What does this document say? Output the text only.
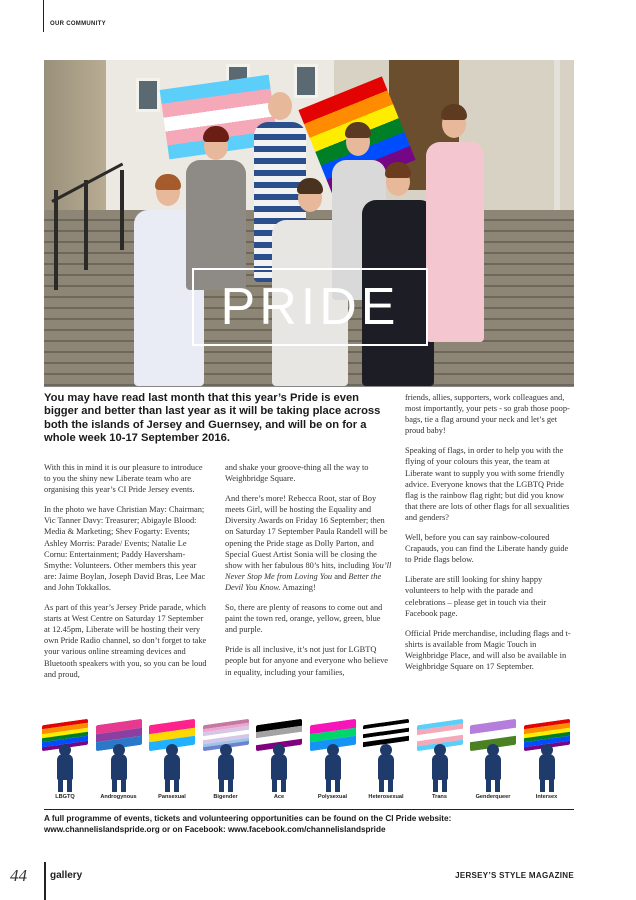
OUR COMMUNITY
PRIDE
You may have read last month that this year’s Pride is even bigger and better than last year as it will be taking place across both the islands of Jersey and Guernsey, and will be on for a whole week 10-17 September 2016.

With this in mind it is our pleasure to introduce to you the shiny new Liberate team who are organising this year’s CI Pride Jersey events.

In the photo we have Christian May: Chairman; Vic Tanner Davy: Treasurer; Abigayle Blood: Media & Marketing; Shev Fogarty: Events; Ashley Morris: Parade/ Events; Natalie Le Cornu: Entertainment; Paddy Haversham-Smythe: Volunteers. Other members this year are: Jaime Boylan, Joseph David Bras, Lee Mac and John Tokkallos.

As part of this year’s Jersey Pride parade, which starts at West Centre on Saturday 17 September at 12.45pm, Liberate will be hosting their very own Pride Radio channel, so don’t forget to take your various online streaming devices and Bluetooth speakers with you, so you can be loud and proud,

and shake your groove-thing all the way to Weighbridge Square.

And there’s more! Rebecca Root, star of Boy meets Girl, will be hosting the Equality and Diversity Awards on Friday 16 September; then on Saturday 17 September Paula Randell will be opening the Pride stage as Dolly Parton, and Special Guest Artist Sonia will be closing the show with her fabulous 80’s hits, including You’ll Never Stop Me from Loving You and Better the Devil You Know. Amazing!

So, there are plenty of reasons to come out and paint the town red, orange, yellow, green, blue and purple.

Pride is all inclusive, it’s not just for LGBTQ people but for anyone and everyone who believe in equality, including your families,

friends, allies, supporters, work colleagues and, most importantly, your pets - so grab those poop-bags, tie a flag around your neck and let’s get proud baby!

Speaking of flags, in order to help you with the flying of your colours this year, the team at Liberate want to supply you with some friendly advice. Everyone knows that the LGBTQ Pride flag is the rainbow flag right; but did you know that there are lots of other flags for all sexualities and genders?

Well, before you can say rainbow-coloured Crapauds, you can find the Liberate handy guide to Pride flags below.

Liberate are still looking for shiny happy volunteers to help with the parade and celebrations – please get in touch via their Facebook page.

Official Pride merchandise, including flags and t-shirts is available from Magic Touch in Weighbridge Place, and will also be available in Weighbridge Square on 17 September.

LBGTQ	Androgynous	Pansexual	Bigender	Ace	Polysexual	Heterosexual	Trans	Genderqueer	Intersex
A full programme of events, tickets and volunteering opportunities can be found on the CI Pride website:
www.channelislandspride.org or on Facebook: www.facebook.com/channelislandspride
44 gallery	JERSEY’S STYLE MAGAZINE
